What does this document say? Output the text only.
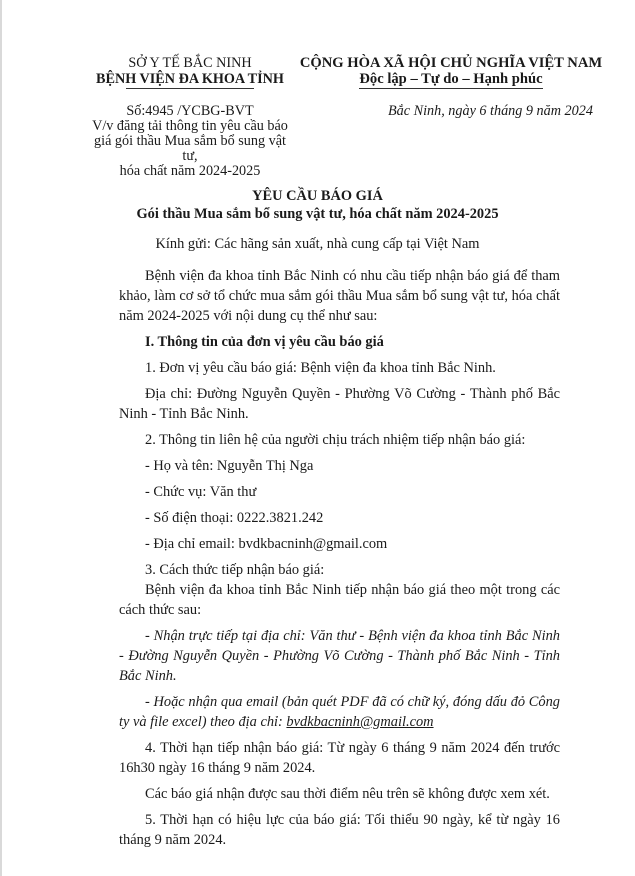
SỞ Y TẾ BẮC NINH
BỆNH VIỆN ĐA KHOA TỈNH
Số:4945 /YCBG-BVT
V/v đăng tải thông tin yêu cầu báo
giá gói thầu Mua sắm bổ sung vật tư,
hóa chất năm 2024-2025
CỘNG HÒA XÃ HỘI CHỦ NGHĨA VIỆT NAM
Độc lập – Tự do – Hạnh phúc
Bắc Ninh, ngày 6 tháng 9 năm 2024
YÊU CẦU BÁO GIÁ
Gói thầu Mua sắm bổ sung vật tư, hóa chất năm 2024-2025
Kính gửi: Các hãng sản xuất, nhà cung cấp tại Việt Nam

Bệnh viện đa khoa tỉnh Bắc Ninh có nhu cầu tiếp nhận báo giá để tham khảo, làm cơ sở tổ chức mua sắm gói thầu Mua sắm bổ sung vật tư, hóa chất năm 2024-2025 với nội dung cụ thể như sau:

I. Thông tin của đơn vị yêu cầu báo giá

1. Đơn vị yêu cầu báo giá: Bệnh viện đa khoa tỉnh Bắc Ninh.

Địa chỉ: Đường Nguyễn Quyền - Phường Võ Cường - Thành phố Bắc Ninh - Tỉnh Bắc Ninh.

2. Thông tin liên hệ của người chịu trách nhiệm tiếp nhận báo giá:

- Họ và tên: Nguyễn Thị Nga

- Chức vụ: Văn thư

- Số điện thoại: 0222.3821.242

- Địa chỉ email: bvdkbacninh@gmail.com

3. Cách thức tiếp nhận báo giá:

Bệnh viện đa khoa tỉnh Bắc Ninh tiếp nhận báo giá theo một trong các cách thức sau:

- Nhận trực tiếp tại địa chỉ: Văn thư - Bệnh viện đa khoa tỉnh Bắc Ninh - Đường Nguyễn Quyền - Phường Võ Cường - Thành phố Bắc Ninh - Tỉnh Bắc Ninh.

- Hoặc nhận qua email (bản quét PDF đã có chữ ký, đóng dấu đỏ Công ty và file excel) theo địa chỉ: bvdkbacninh@gmail.com

4. Thời hạn tiếp nhận báo giá: Từ ngày 6 tháng 9 năm 2024 đến trước 16h30 ngày 16 tháng 9 năm 2024.

Các báo giá nhận được sau thời điểm nêu trên sẽ không được xem xét.

5. Thời hạn có hiệu lực của báo giá: Tối thiểu 90 ngày, kể từ ngày 16 tháng 9 năm 2024.
